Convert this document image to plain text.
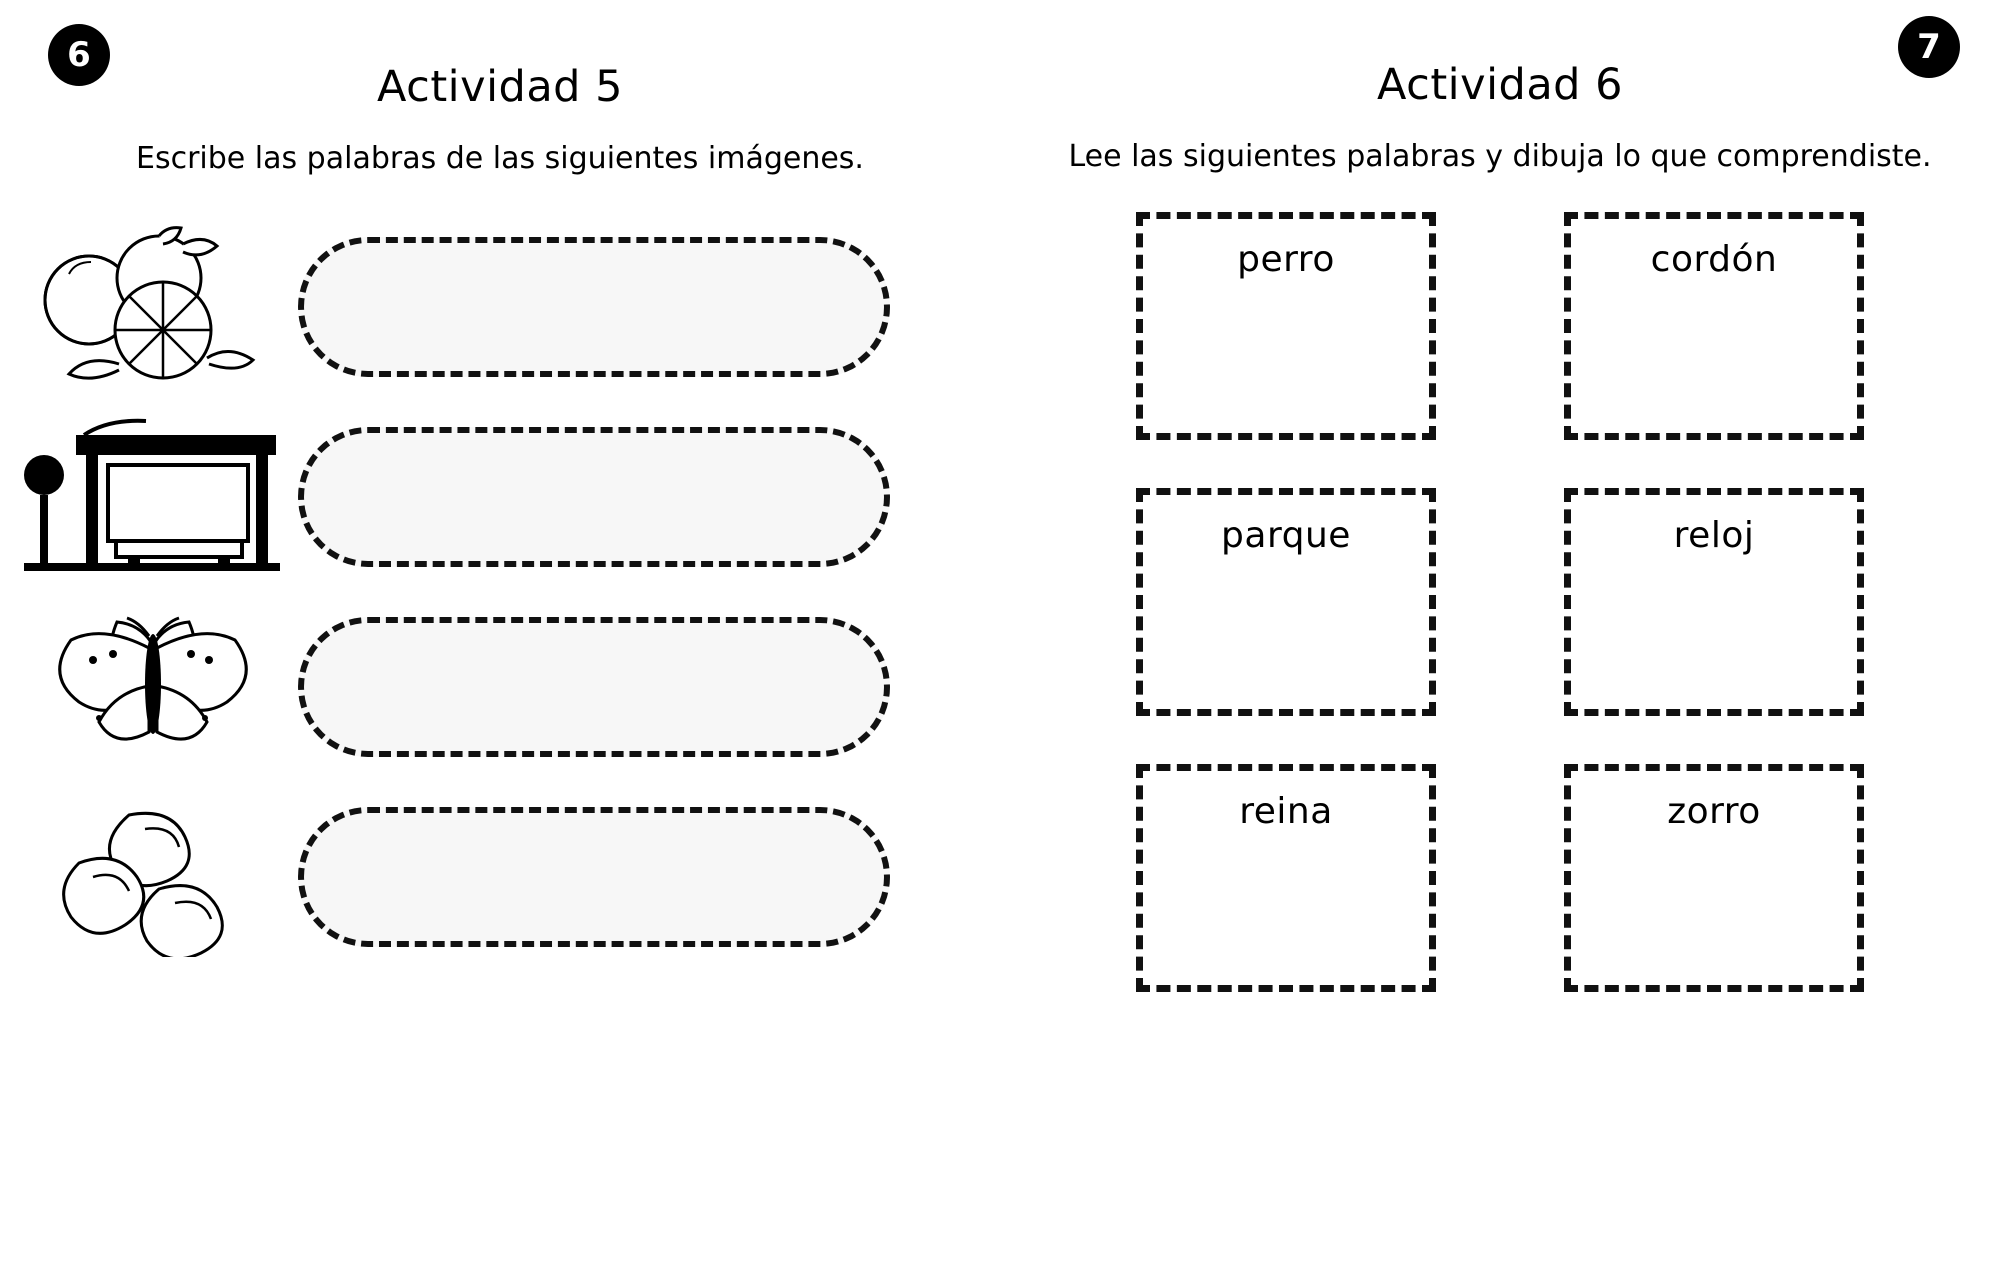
6	7
Actividad 5
Escribe las palabras de las siguientes imágenes.
Actividad 6
Lee las siguientes palabras y dibuja lo que comprendiste.
perro	cordón
parque	reloj
reina	zorro
